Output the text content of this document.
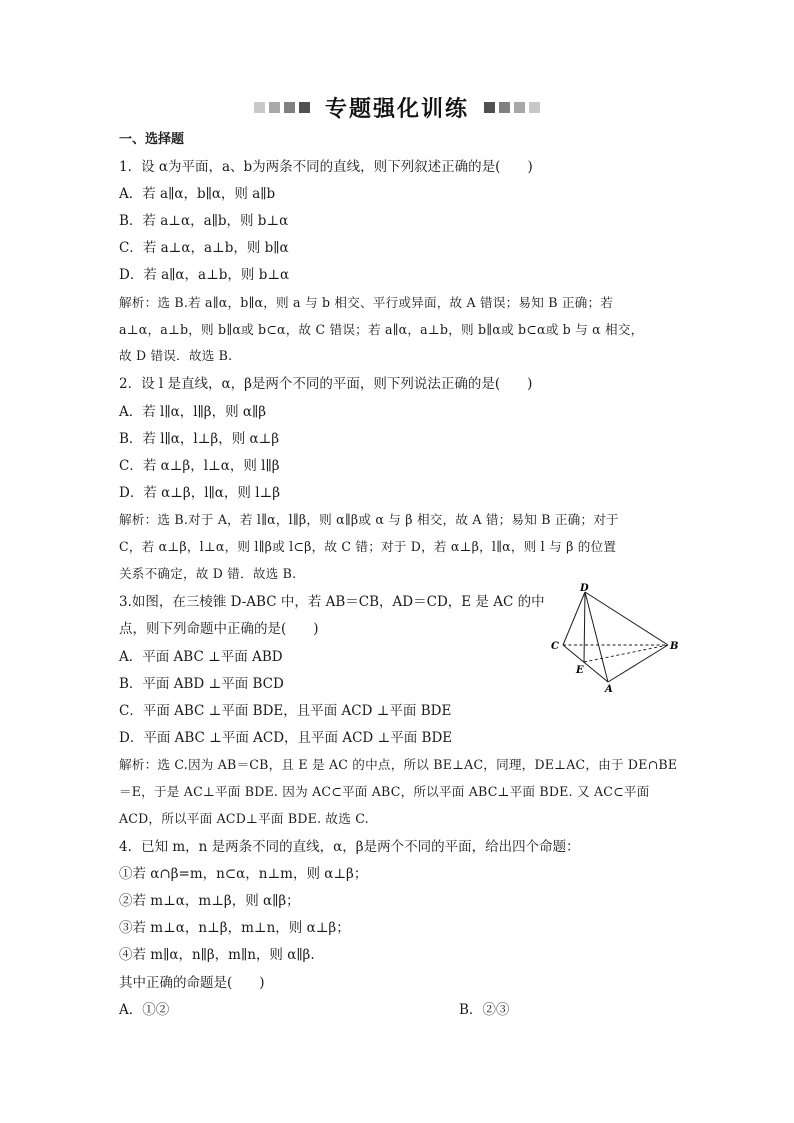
专题强化训练
一、选择题
1．设 α为平面，a、b为两条不同的直线，则下列叙述正确的是(　　)
A．若 a∥α，b∥α，则 a∥b
B．若 a⊥α，a∥b，则 b⊥α
C．若 a⊥α，a⊥b，则 b∥α
D．若 a∥α，a⊥b，则 b⊥α
解析：选 B.若 a∥α，b∥α，则 a 与 b 相交、平行或异面，故 A 错误；易知 B 正确；若
a⊥α，a⊥b，则 b∥α或 b⊂α，故 C 错误；若 a∥α，a⊥b，则 b∥α或 b⊂α或 b 与 α 相交，
故 D 错误．故选 B.
2．设 l 是直线，α，β是两个不同的平面，则下列说法正确的是(　　)
A．若 l∥α，l∥β，则 α∥β
B．若 l∥α，l⊥β，则 α⊥β
C．若 α⊥β，l⊥α，则 l∥β
D．若 α⊥β，l∥α，则 l⊥β
解析：选 B.对于 A，若 l∥α，l∥β，则 α∥β或 α 与 β 相交，故 A 错；易知 B 正确；对于
C，若 α⊥β，l⊥α，则 l∥β或 l⊂β，故 C 错；对于 D，若 α⊥β，l∥α，则 l 与 β 的位置
关系不确定，故 D 错．故选 B.
3.如图，在三棱锥 D-ABC 中，若 AB＝CB，AD＝CD，E 是 AC 的中
点，则下列命题中正确的是(　　)
A．平面 ABC ⊥平面 ABD
B．平面 ABD ⊥平面 BCD
C．平面 ABC ⊥平面 BDE，且平面 ACD ⊥平面 BDE
D．平面 ABC ⊥平面 ACD，且平面 ACD ⊥平面 BDE
解析：选 C.因为 AB＝CB，且 E 是 AC 的中点，所以 BE⊥AC，同理，DE⊥AC，由于 DE∩BE
＝E，于是 AC⊥平面 BDE. 因为 AC⊂平面 ABC，所以平面 ABC⊥平面 BDE. 又 AC⊂平面
ACD，所以平面 ACD⊥平面 BDE. 故选 C.
D
C	B
E
A
4．已知 m，n 是两条不同的直线，α，β是两个不同的平面，给出四个命题：
①若 α∩β=m，n⊂α，n⊥m，则 α⊥β；
②若 m⊥α，m⊥β，则 α∥β；
③若 m⊥α，n⊥β，m⊥n，则 α⊥β；
④若 m∥α，n∥β，m∥n，则 α∥β.
其中正确的命题是(　　)
A．①②	B．②③
